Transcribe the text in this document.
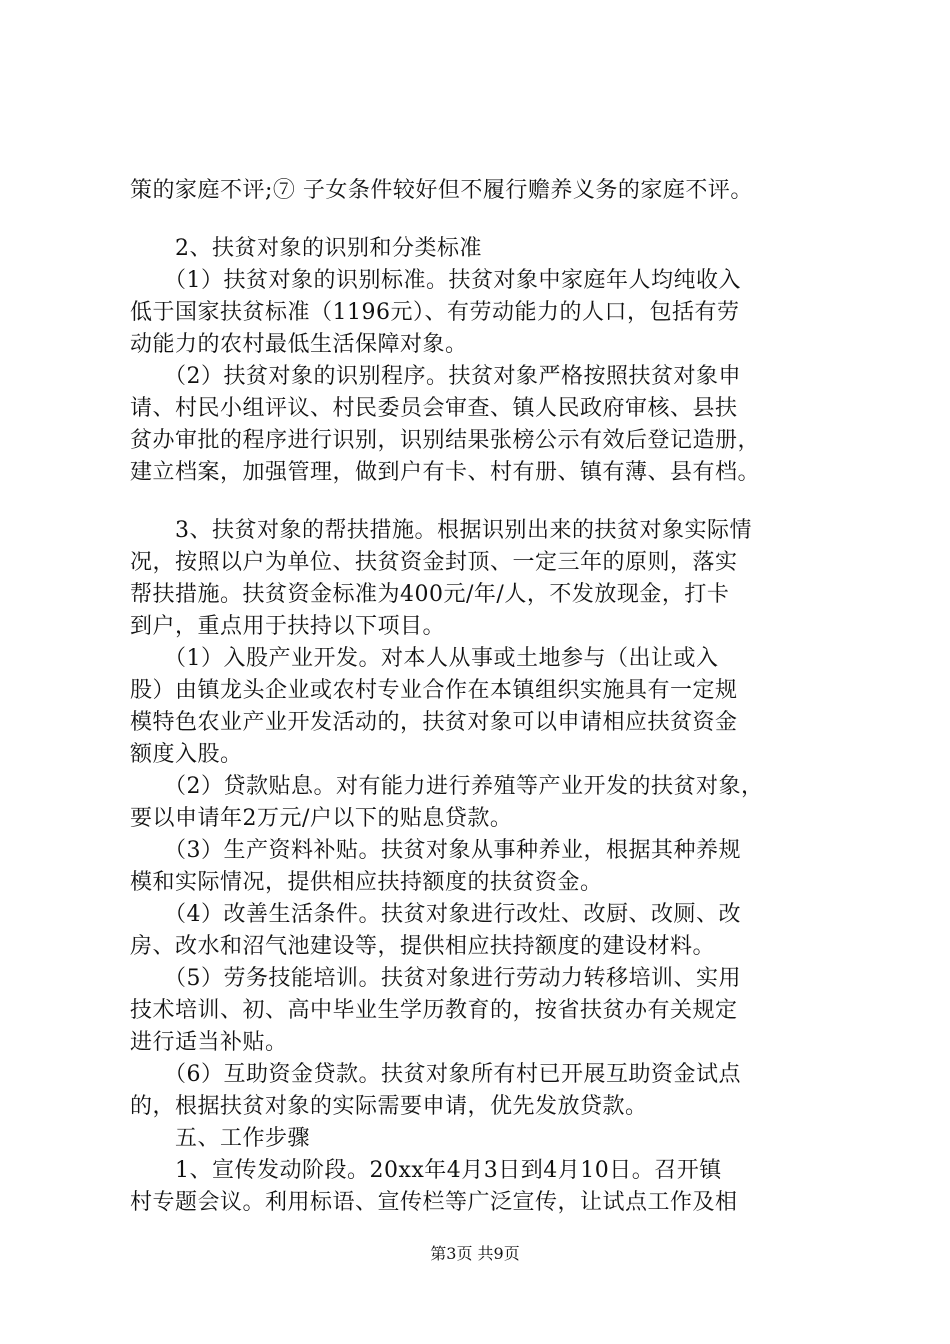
策的家庭不评;⑦ 子女条件较好但不履行赡养义务的家庭不评。
　　2、扶贫对象的识别和分类标准
　　（1）扶贫对象的识别标准。扶贫对象中家庭年人均纯收入
低于国家扶贫标准（1196元）、有劳动能力的人口，包括有劳
动能力的农村最低生活保障对象。
　　（2）扶贫对象的识别程序。扶贫对象严格按照扶贫对象申
请、村民小组评议、村民委员会审查、镇人民政府审核、县扶
贫办审批的程序进行识别，识别结果张榜公示有效后登记造册，
建立档案，加强管理，做到户有卡、村有册、镇有薄、县有档。
　　3、扶贫对象的帮扶措施。根据识别出来的扶贫对象实际情
况，按照以户为单位、扶贫资金封顶、一定三年的原则，落实
帮扶措施。扶贫资金标准为400元/年/人，不发放现金，打卡
到户，重点用于扶持以下项目。
　　（1）入股产业开发。对本人从事或土地参与（出让或入
股）由镇龙头企业或农村专业合作在本镇组织实施具有一定规
模特色农业产业开发活动的，扶贫对象可以申请相应扶贫资金
额度入股。
　　（2）贷款贴息。对有能力进行养殖等产业开发的扶贫对象，
要以申请年2万元/户以下的贴息贷款。
　　（3）生产资料补贴。扶贫对象从事种养业，根据其种养规
模和实际情况，提供相应扶持额度的扶贫资金。
　　（4）改善生活条件。扶贫对象进行改灶、改厨、改厕、改
房、改水和沼气池建设等，提供相应扶持额度的建设材料。
　　（5）劳务技能培训。扶贫对象进行劳动力转移培训、实用
技术培训、初、高中毕业生学历教育的，按省扶贫办有关规定
进行适当补贴。
　　（6）互助资金贷款。扶贫对象所有村已开展互助资金试点
的，根据扶贫对象的实际需要申请，优先发放贷款。
　　五、工作步骤
　　1、宣传发动阶段。20xx年4月3日到4月10日。召开镇
村专题会议。利用标语、宣传栏等广泛宣传，让试点工作及相
第3页 共9页
